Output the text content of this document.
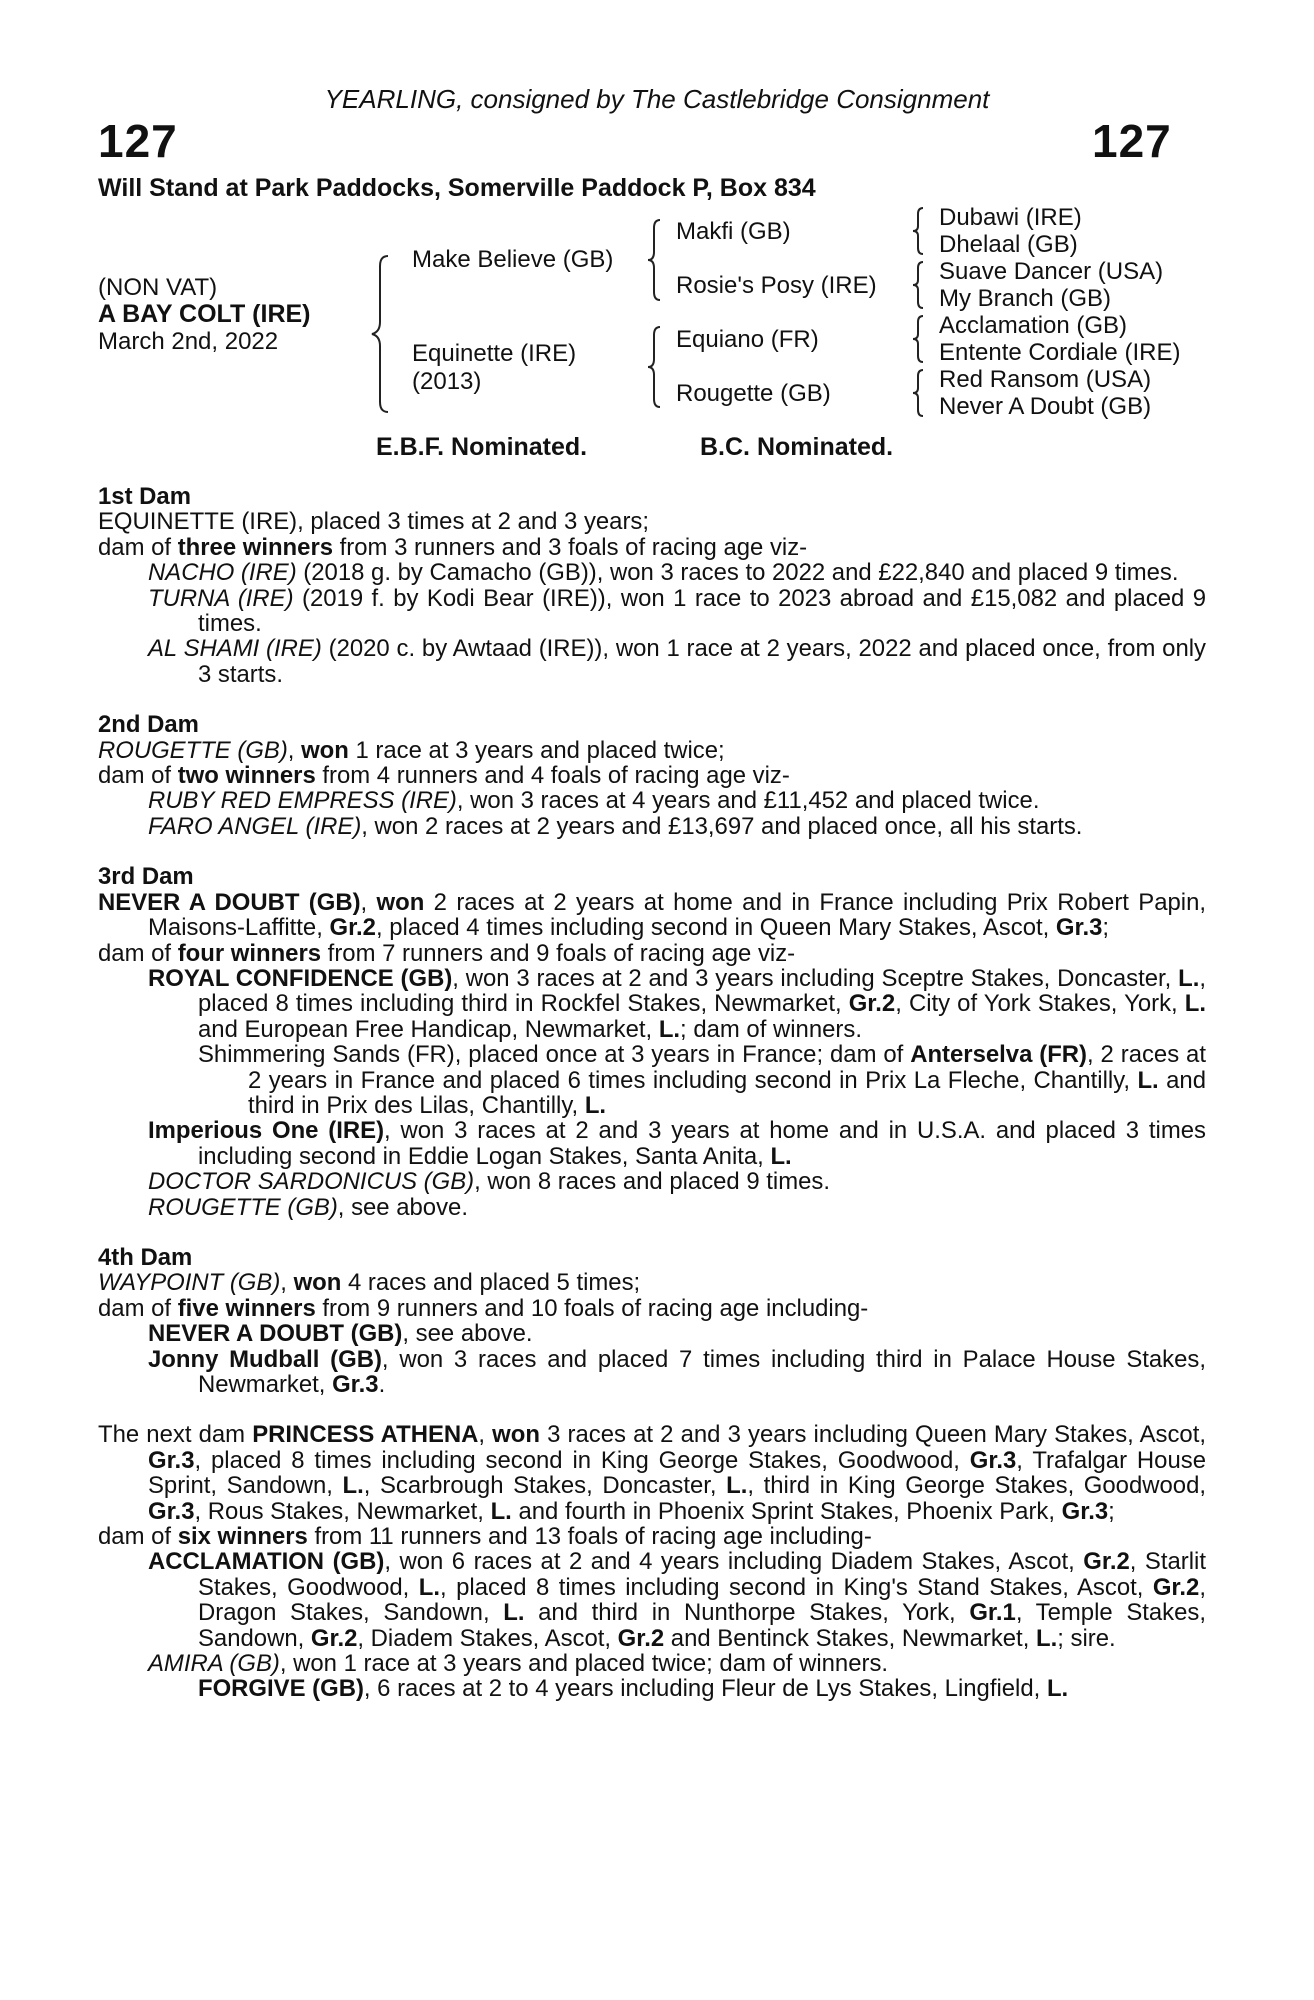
YEARLING, consigned by The Castlebridge Consignment
127	127
Will Stand at Park Paddocks, Somerville Paddock P, Box 834
(NON VAT)
A BAY COLT (IRE)
March 2nd, 2022
Make Believe (GB)
Equinette (IRE)
(2013)
Makfi (GB)
Rosie's Posy (IRE)
Equiano (FR)
Rougette (GB)
Dubawi (IRE)
Dhelaal (GB)
Suave Dancer (USA)
My Branch (GB)
Acclamation (GB)
Entente Cordiale (IRE)
Red Ransom (USA)
Never A Doubt (GB)
E.B.F. Nominated.	B.C. Nominated.
1st Dam
EQUINETTE (IRE), placed 3 times at 2 and 3 years;
dam of three winners from 3 runners and 3 foals of racing age viz-
NACHO (IRE) (2018 g. by Camacho (GB)), won 3 races to 2022 and £22,840 and placed 9 times.
TURNA (IRE) (2019 f. by Kodi Bear (IRE)), won 1 race to 2023 abroad and £15,082 and placed 9 times.
AL SHAMI (IRE) (2020 c. by Awtaad (IRE)), won 1 race at 2 years, 2022 and placed once, from only 3 starts.
2nd Dam
ROUGETTE (GB), won 1 race at 3 years and placed twice;
dam of two winners from 4 runners and 4 foals of racing age viz-
RUBY RED EMPRESS (IRE), won 3 races at 4 years and £11,452 and placed twice.
FARO ANGEL (IRE), won 2 races at 2 years and £13,697 and placed once, all his starts.
3rd Dam
NEVER A DOUBT (GB), won 2 races at 2 years at home and in France including Prix Robert Papin, Maisons-Laffitte, Gr.2, placed 4 times including second in Queen Mary Stakes, Ascot, Gr.3;
dam of four winners from 7 runners and 9 foals of racing age viz-
ROYAL CONFIDENCE (GB), won 3 races at 2 and 3 years including Sceptre Stakes, Doncaster, L., placed 8 times including third in Rockfel Stakes, Newmarket, Gr.2, City of York Stakes, York, L. and European Free Handicap, Newmarket, L.; dam of winners.
Shimmering Sands (FR), placed once at 3 years in France; dam of Anterselva (FR), 2 races at 2 years in France and placed 6 times including second in Prix La Fleche, Chantilly, L. and third in Prix des Lilas, Chantilly, L.
Imperious One (IRE), won 3 races at 2 and 3 years at home and in U.S.A. and placed 3 times including second in Eddie Logan Stakes, Santa Anita, L.
DOCTOR SARDONICUS (GB), won 8 races and placed 9 times.
ROUGETTE (GB), see above.
4th Dam
WAYPOINT (GB), won 4 races and placed 5 times;
dam of five winners from 9 runners and 10 foals of racing age including-
NEVER A DOUBT (GB), see above.
Jonny Mudball (GB), won 3 races and placed 7 times including third in Palace House Stakes, Newmarket, Gr.3.
The next dam PRINCESS ATHENA, won 3 races at 2 and 3 years including Queen Mary Stakes, Ascot, Gr.3, placed 8 times including second in King George Stakes, Goodwood, Gr.3, Trafalgar House Sprint, Sandown, L., Scarbrough Stakes, Doncaster, L., third in King George Stakes, Goodwood, Gr.3, Rous Stakes, Newmarket, L. and fourth in Phoenix Sprint Stakes, Phoenix Park, Gr.3;
dam of six winners from 11 runners and 13 foals of racing age including-
ACCLAMATION (GB), won 6 races at 2 and 4 years including Diadem Stakes, Ascot, Gr.2, Starlit Stakes, Goodwood, L., placed 8 times including second in King's Stand Stakes, Ascot, Gr.2, Dragon Stakes, Sandown, L. and third in Nunthorpe Stakes, York, Gr.1, Temple Stakes, Sandown, Gr.2, Diadem Stakes, Ascot, Gr.2 and Bentinck Stakes, Newmarket, L.; sire.
AMIRA (GB), won 1 race at 3 years and placed twice; dam of winners.
FORGIVE (GB), 6 races at 2 to 4 years including Fleur de Lys Stakes, Lingfield, L.
